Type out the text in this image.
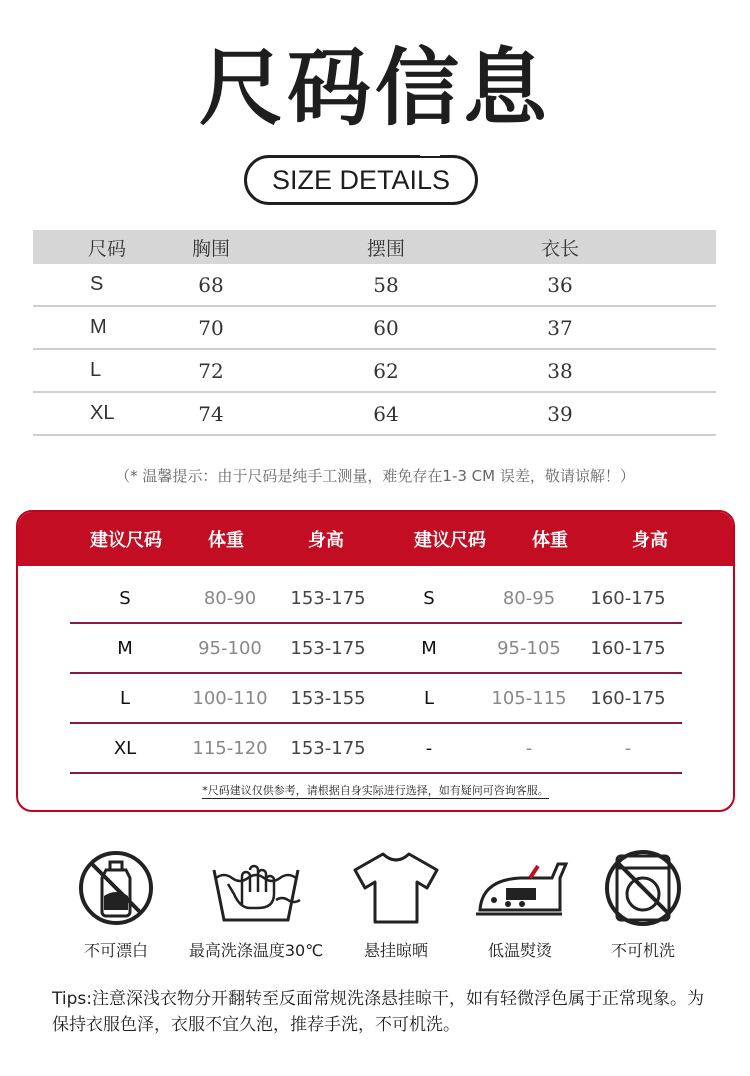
尺码信息
SIZE DETAILS
尺码	胸围	摆围	衣长
S	68	58	36
M	70	60	37
L	72	62	38
XL	74	64	39
（* 温馨提示：由于尺码是纯手工测量，难免存在1-3 CM 误差，敬请谅解！）
建议尺码	体重	身高	建议尺码	体重	身高
S	80-90	153-175	S	80-95	160-175
M	95-100	153-175	M	95-105	160-175
L	100-110	153-155	L	105-115	160-175
XL	115-120	153-175	-	-	-
*尺码建议仅供参考，请根据自身实际进行选择，如有疑问可咨询客服。
不可漂白	最高洗涤温度30℃	悬挂晾晒	低温熨烫	不可机洗
Tips:注意深浅衣物分开翻转至反面常规洗涤悬挂晾干，如有轻微浮色属于正常现象。为保持衣服色泽，衣服不宜久泡，推荐手洗，不可机洗。
